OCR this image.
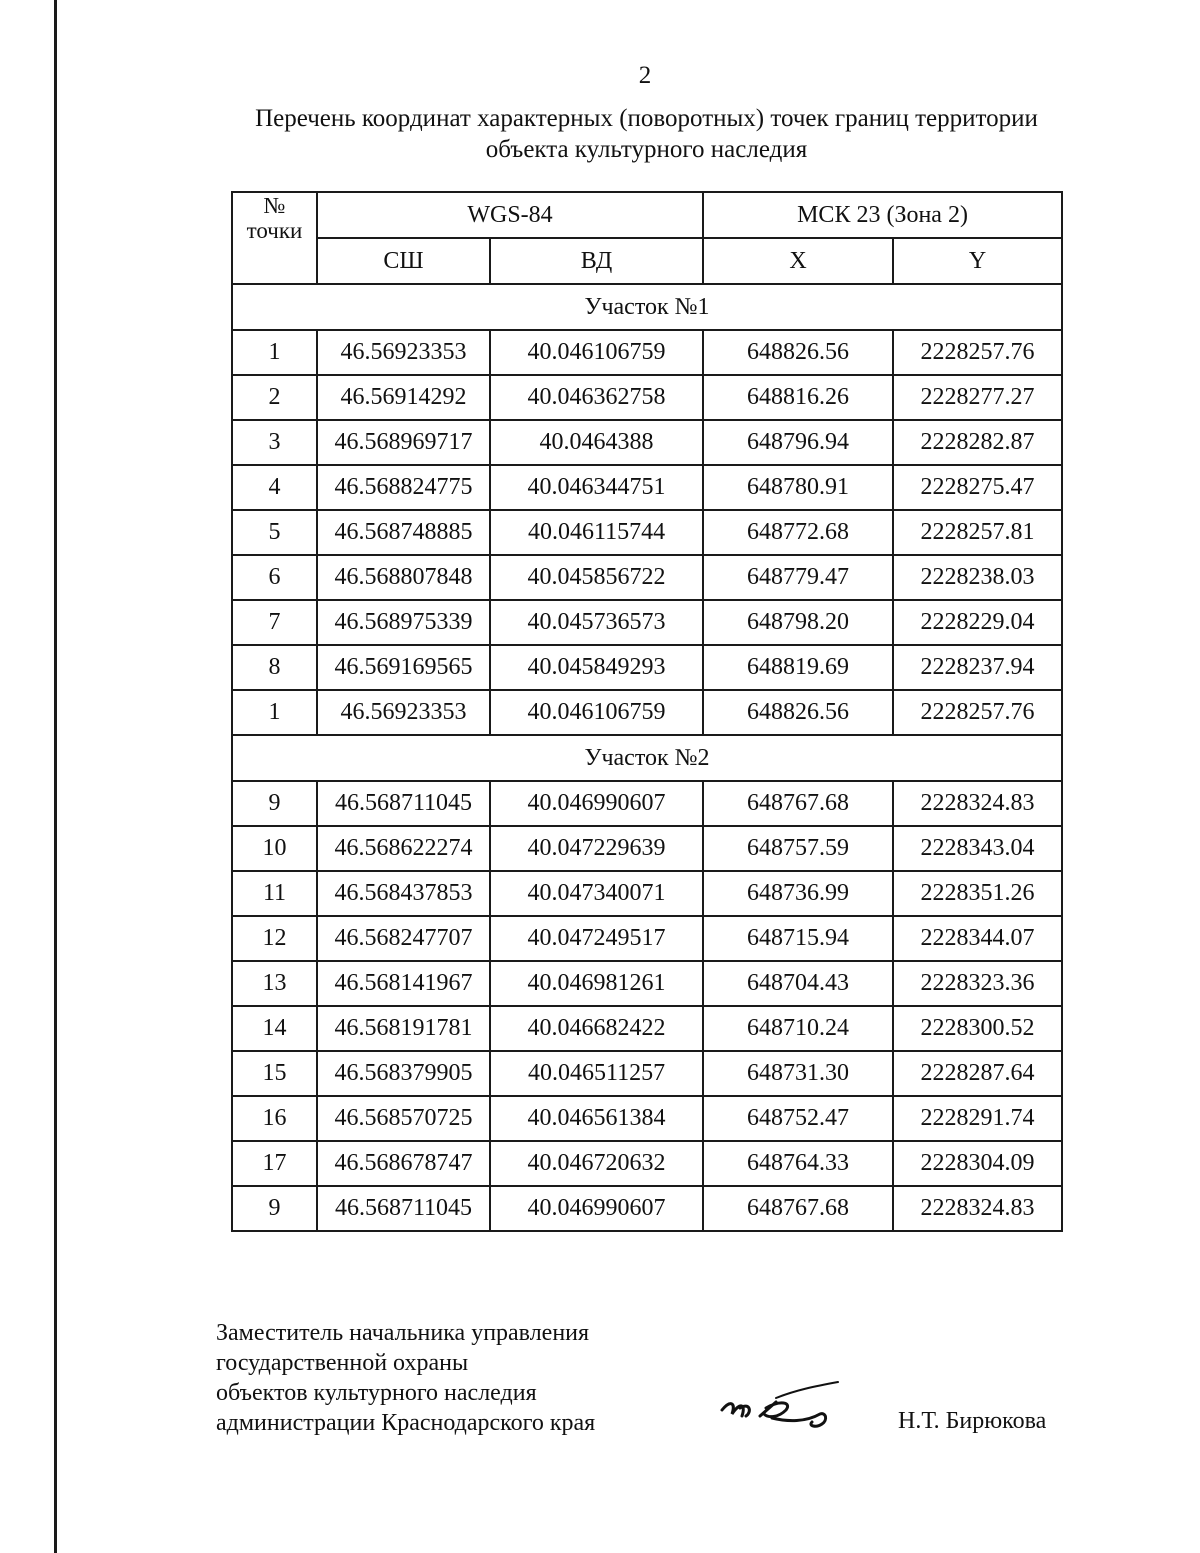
2
Перечень координат характерных (поворотных) точек границ территории
объекта культурного наследия
№
точки	WGS-84		МСК 23 (Зона 2)	
	СШ	ВД	X	Y
Участок №1				
1	46.56923353	40.046106759	648826.56	2228257.76
2	46.56914292	40.046362758	648816.26	2228277.27
3	46.568969717	40.0464388	648796.94	2228282.87
4	46.568824775	40.046344751	648780.91	2228275.47
5	46.568748885	40.046115744	648772.68	2228257.81
6	46.568807848	40.045856722	648779.47	2228238.03
7	46.568975339	40.045736573	648798.20	2228229.04
8	46.569169565	40.045849293	648819.69	2228237.94
1	46.56923353	40.046106759	648826.56	2228257.76
Участок №2				
9	46.568711045	40.046990607	648767.68	2228324.83
10	46.568622274	40.047229639	648757.59	2228343.04
11	46.568437853	40.047340071	648736.99	2228351.26
12	46.568247707	40.047249517	648715.94	2228344.07
13	46.568141967	40.046981261	648704.43	2228323.36
14	46.568191781	40.046682422	648710.24	2228300.52
15	46.568379905	40.046511257	648731.30	2228287.64
16	46.568570725	40.046561384	648752.47	2228291.74
17	46.568678747	40.046720632	648764.33	2228304.09
9	46.568711045	40.046990607	648767.68	2228324.83
Заместитель начальника управления
государственной охраны
объектов культурного наследия
администрации Краснодарского края	Н.Т. Бирюкова
